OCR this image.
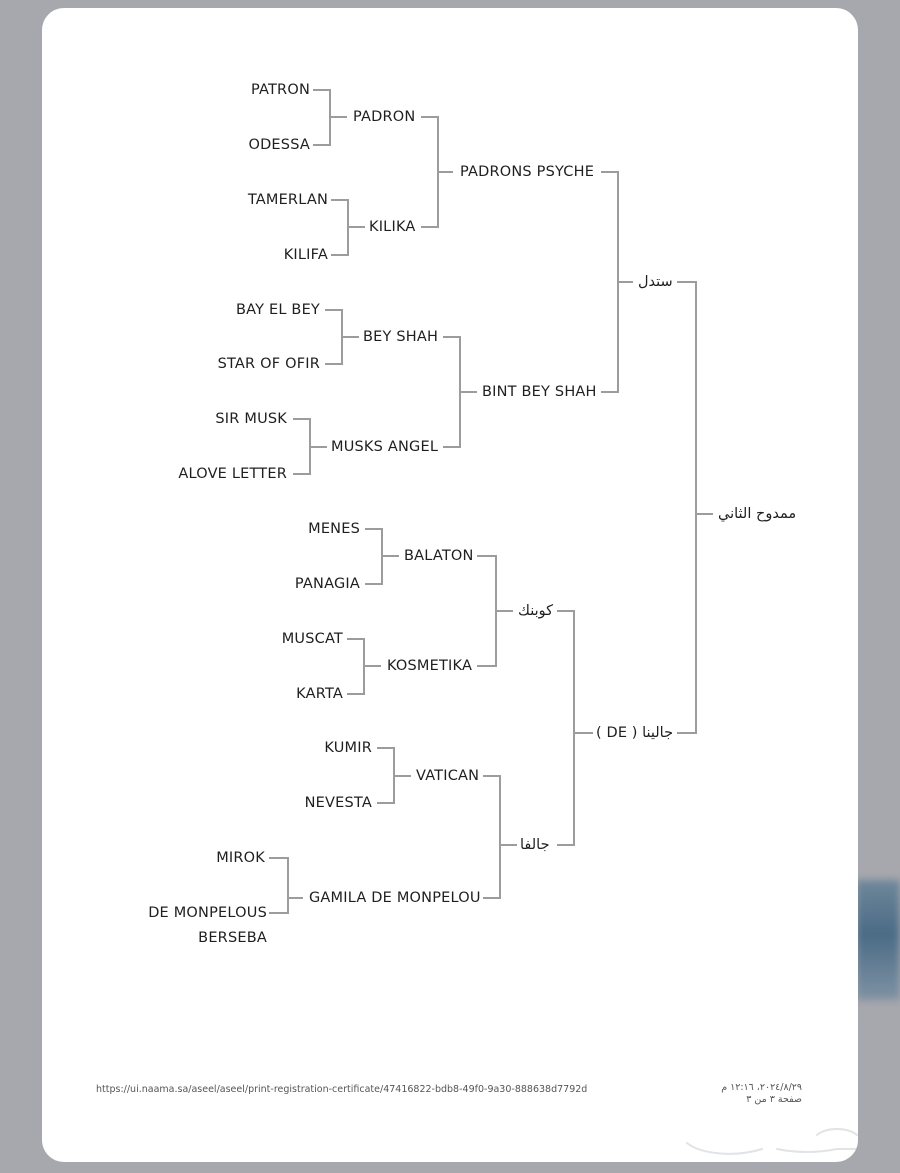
ممدوح الثاني
ستدل
جالينا ( DE )
PADRONS PSYCHE
BINT BEY SHAH
كوبنك
جالفا
PADRON
KILIKA
BEY SHAH
MUSKS ANGEL
BALATON
KOSMETIKA
VATICAN
GAMILA DE MONPELOU
PATRON
ODESSA
TAMERLAN
KILIFA
BAY EL BEY
STAR OF OFIR
SIR MUSK
ALOVE LETTER
MENES
PANAGIA
MUSCAT
KARTA
KUMIR
NEVESTA
MIROK
DE MONPELOUS
BERSEBA
https://ui.naama.sa/aseel/aseel/print-registration-certificate/47416822-bdb8-49f0-9a30-888638d7792d	٢٠٢٤/٨/٢٩، ١٢:١٦ م
صفحة ٣ من ٣
